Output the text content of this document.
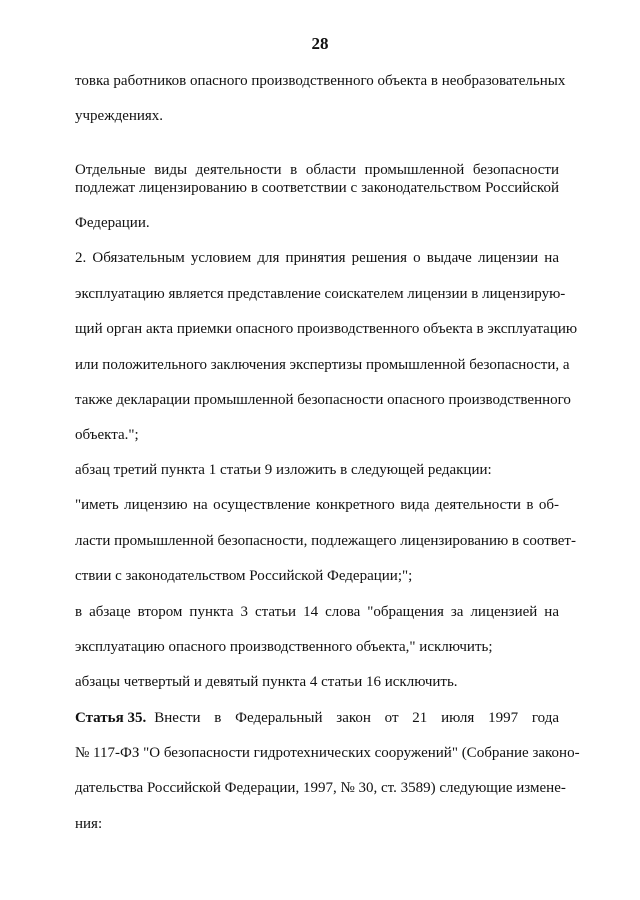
28
товка работников опасного производственного объекта в необразовательных
учреждениях.
Отдельные виды деятельности в области промышленной безопасности
подлежат лицензированию в соответствии с законодательством Российской
Федерации.
2. Обязательным условием для принятия решения о выдаче лицензии на
эксплуатацию является представление соискателем лицензии в лицензирую-
щий орган акта приемки опасного производственного объекта в эксплуатацию
или положительного заключения экспертизы промышленной безопасности, а
также декларации промышленной безопасности опасного производственного
объекта.";
абзац третий пункта 1 статьи 9 изложить в следующей редакции:
"иметь лицензию на осуществление конкретного вида деятельности в об-
ласти промышленной безопасности, подлежащего лицензированию в соответ-
ствии с законодательством Российской Федерации;";
в абзаце втором пункта 3 статьи 14 слова "обращения за лицензией на
эксплуатацию опасного производственного объекта," исключить;
абзацы четвертый и девятый пункта 4 статьи 16 исключить.
Статья 35. Внести в Федеральный закон от 21 июля 1997 года
№ 117-ФЗ "О безопасности гидротехнических сооружений" (Собрание законо-
дательства Российской Федерации, 1997, № 30, ст. 3589) следующие измене-
ния:
